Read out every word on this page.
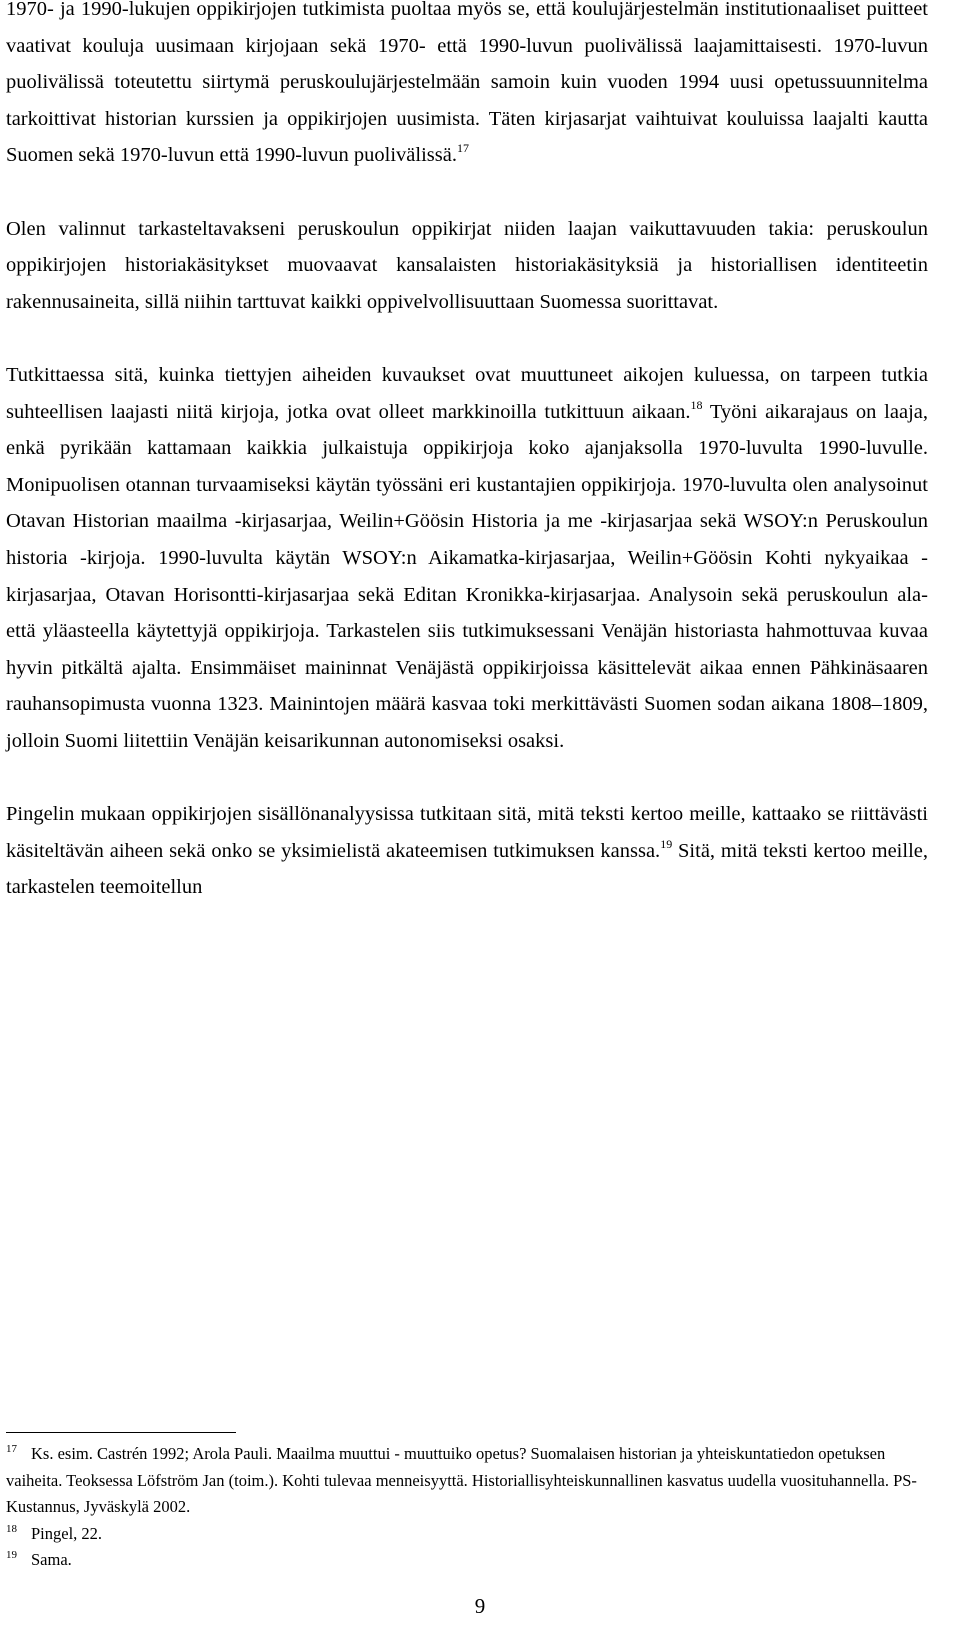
1970- ja 1990-lukujen oppikirjojen tutkimista puoltaa myös se, että koulujärjestelmän institutionaaliset puitteet vaativat kouluja uusimaan kirjojaan sekä 1970- että 1990-luvun puolivälissä laajamittaisesti. 1970-luvun puolivälissä toteutettu siirtymä peruskoulujärjestelmään samoin kuin vuoden 1994 uusi opetussuunnitelma tarkoittivat historian kurssien ja oppikirjojen uusimista. Täten kirjasarjat vaihtuivat kouluissa laajalti kautta Suomen sekä 1970-luvun että 1990-luvun puolivälissä.$^{17}$

Olen valinnut tarkasteltavakseni peruskoulun oppikirjat niiden laajan vaikuttavuuden takia: peruskoulun oppikirjojen historiakäsitykset muovaavat kansalaisten historiakäsityksiä ja historiallisen identiteetin rakennusaineita, sillä niihin tarttuvat kaikki oppivelvollisuuttaan Suomessa suorittavat.

Tutkittaessa sitä, kuinka tiettyjen aiheiden kuvaukset ovat muuttuneet aikojen kuluessa, on tarpeen tutkia suhteellisen laajasti niitä kirjoja, jotka ovat olleet markkinoilla tutkittuun aikaan.$^{18}$ Työni aikarajaus on laaja, enkä pyrikään kattamaan kaikkia julkaistuja oppikirjoja koko ajanjaksolla 1970-luvulta 1990-luvulle. Monipuolisen otannan turvaamiseksi käytän työssäni eri kustantajien oppikirjoja. 1970-luvulta olen analysoinut Otavan Historian maailma -kirjasarjaa, Weilin+Göösin Historia ja me -kirjasarjaa sekä WSOY:n Peruskoulun historia -kirjoja. 1990-luvulta käytän WSOY:n Aikamatka-kirjasarjaa, Weilin+Göösin Kohti nykyaikaa -kirjasarjaa, Otavan Horisontti-kirjasarjaa sekä Editan Kronikka-kirjasarjaa. Analysoin sekä peruskoulun ala- että yläasteella käytettyjä oppikirjoja. Tarkastelen siis tutkimuksessani Venäjän historiasta hahmottuvaa kuvaa hyvin pitkältä ajalta. Ensimmäiset maininnat Venäjästä oppikirjoissa käsittelevät aikaa ennen Pähkinäsaaren rauhansopimusta vuonna 1323. Mainintojen määrä kasvaa toki merkittävästi Suomen sodan aikana 1808–1809, jolloin Suomi liitettiin Venäjän keisarikunnan autonomiseksi osaksi.

Pingelin mukaan oppikirjojen sisällönanalyysissa tutkitaan sitä, mitä teksti kertoo meille, kattaako se riittävästi käsiteltävän aiheen sekä onko se yksimielistä akateemisen tutkimuksen kanssa.$^{19}$ Sitä, mitä teksti kertoo meille, tarkastelen teemoitellun

$^{17}$ Ks. esim. Castrén 1992; Arola Pauli. Maailma muuttui - muuttuiko opetus? Suomalaisen historian ja yhteiskuntatiedon opetuksen vaiheita. Teoksessa Löfström Jan (toim.). Kohti tulevaa menneisyyttä. Historiallisyhteiskunnallinen kasvatus uudella vuosituhannella. PS-Kustannus, Jyväskylä 2002.

$^{18}$ Pingel, 22.

$^{19}$ Sama.

9
